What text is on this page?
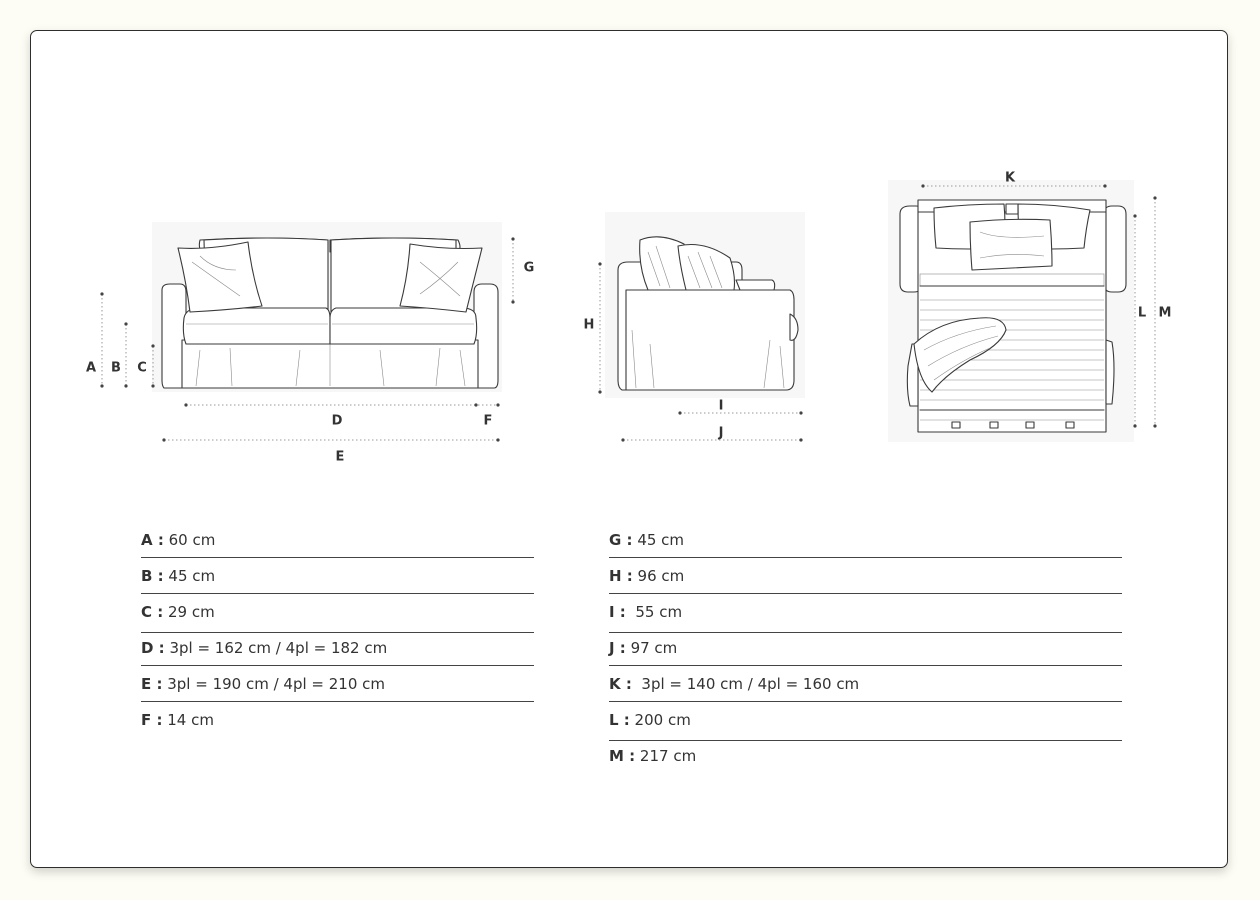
A B C
D
E
F
G
H
I
J
K
L M
A : 60 cm
B : 45 cm
C : 29 cm
D : 3pl = 162 cm / 4pl = 182 cm
E : 3pl = 190 cm / 4pl = 210 cm
F : 14 cm
G : 45 cm
H : 96 cm
I :  55 cm
J : 97 cm
K :  3pl = 140 cm / 4pl = 160 cm
L : 200 cm
M : 217 cm
